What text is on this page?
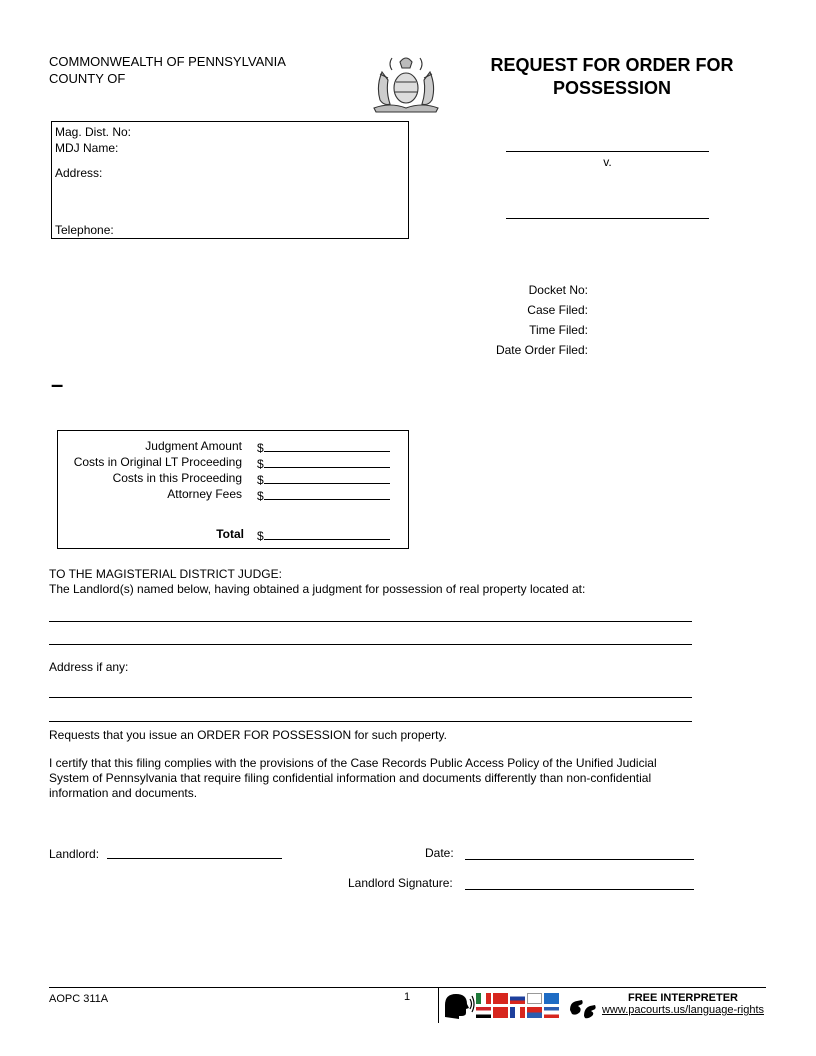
COMMONWEALTH OF PENNSYLVANIA
COUNTY OF
REQUEST FOR ORDER FOR
POSSESSION
Mag. Dist. No:
MDJ Name:
Address:
Telephone:
v.
Docket No:
Case Filed:
Time Filed:
Date Order Filed:
–
Judgment Amount $
Costs in Original LT Proceeding $
Costs in this Proceeding $
Attorney Fees $
Total $
TO THE MAGISTERIAL DISTRICT JUDGE:
The Landlord(s) named below, having obtained a judgment for possession of real property located at:
Address if any:
Requests that you issue an ORDER FOR POSSESSION for such property.
I certify that this filing complies with the provisions of the Case Records Public Access Policy of the Unified Judicial
System of Pennsylvania that require filing confidential information and documents differently than non-confidential
information and documents.
Landlord:	Date:
Landlord Signature:
AOPC 311A	1	FREE INTERPRETER
www.pacourts.us/language-rights
